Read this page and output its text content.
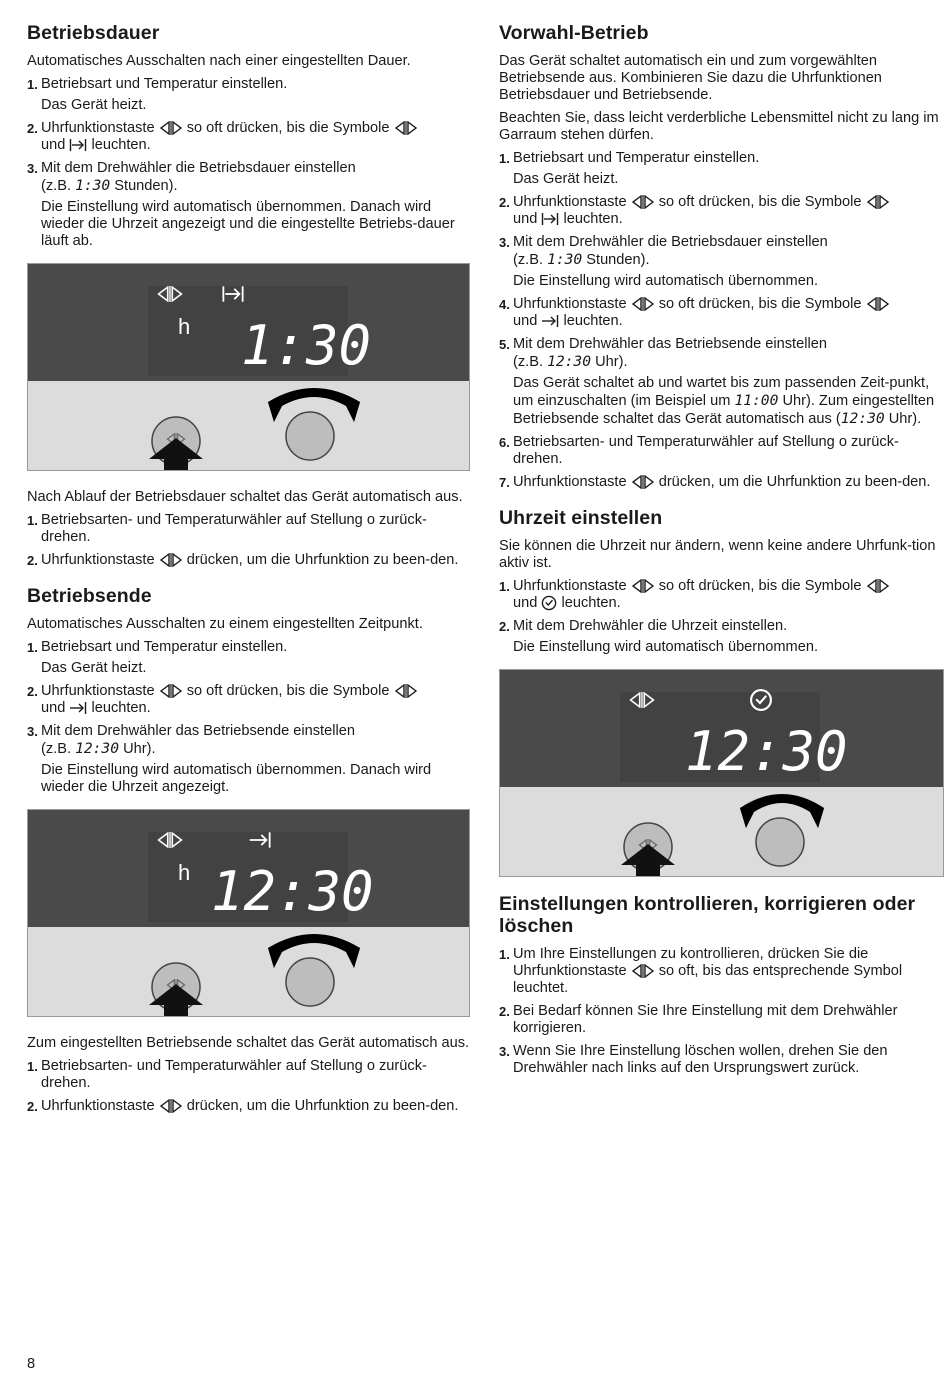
Betriebsdauer

Automatisches Ausschalten nach einer eingestellten Dauer.

1. Betriebsart und Temperatur einstellen.
Das Gerät heizt.
2. Uhrfunktionstaste so oft drücken, bis die Symbole
und leuchten.
3. Mit dem Drehwähler die Betriebsdauer einstellen
(z.B. 1:30 Stunden).
Die Einstellung wird automatisch übernommen. Danach wird wieder die Uhrzeit angezeigt und die eingestellte Betriebs-dauer läuft ab.
h 1:30

Nach Ablauf der Betriebsdauer schaltet das Gerät automatisch aus.

1. Betriebsarten- und Temperaturwähler auf Stellung o zurück-drehen.
2. Uhrfunktionstaste drücken, um die Uhrfunktion zu been-den.
Betriebsende

Automatisches Ausschalten zu einem eingestellten Zeitpunkt.

1. Betriebsart und Temperatur einstellen.
Das Gerät heizt.
2. Uhrfunktionstaste so oft drücken, bis die Symbole
und leuchten.
3. Mit dem Drehwähler das Betriebsende einstellen
(z.B. 12:30 Uhr).
Die Einstellung wird automatisch übernommen. Danach wird wieder die Uhrzeit angezeigt.
h 12:30

Zum eingestellten Betriebsende schaltet das Gerät automatisch aus.

1. Betriebsarten- und Temperaturwähler auf Stellung o zurück-drehen.
2. Uhrfunktionstaste drücken, um die Uhrfunktion zu been-den.
Vorwahl-Betrieb

Das Gerät schaltet automatisch ein und zum vorgewählten Betriebsende aus. Kombinieren Sie dazu die Uhrfunktionen Betriebsdauer und Betriebsende.

Beachten Sie, dass leicht verderbliche Lebensmittel nicht zu lang im Garraum stehen dürfen.

1. Betriebsart und Temperatur einstellen.
Das Gerät heizt.
2. Uhrfunktionstaste so oft drücken, bis die Symbole
und leuchten.
3. Mit dem Drehwähler die Betriebsdauer einstellen
(z.B. 1:30 Stunden).
Die Einstellung wird automatisch übernommen.
4. Uhrfunktionstaste so oft drücken, bis die Symbole
und leuchten.
5. Mit dem Drehwähler das Betriebsende einstellen
(z.B. 12:30 Uhr).
Das Gerät schaltet ab und wartet bis zum passenden Zeit-punkt, um einzuschalten (im Beispiel um 11:00 Uhr). Zum eingestellten Betriebsende schaltet das Gerät automatisch aus (12:30 Uhr).
6. Betriebsarten- und Temperaturwähler auf Stellung o zurück-drehen.
7. Uhrfunktionstaste drücken, um die Uhrfunktion zu been-den.
Uhrzeit einstellen

Sie können die Uhrzeit nur ändern, wenn keine andere Uhrfunk-tion aktiv ist.

1. Uhrfunktionstaste so oft drücken, bis die Symbole
und leuchten.
2. Mit dem Drehwähler die Uhrzeit einstellen.
Die Einstellung wird automatisch übernommen.
12:30
Einstellungen kontrollieren, korrigieren oder löschen
1. Um Ihre Einstellungen zu kontrollieren, drücken Sie die Uhrfunktionstaste so oft, bis das entsprechende Symbol leuchtet.
2. Bei Bedarf können Sie Ihre Einstellung mit dem Drehwähler korrigieren.
3. Wenn Sie Ihre Einstellung löschen wollen, drehen Sie den Drehwähler nach links auf den Ursprungswert zurück.
8
